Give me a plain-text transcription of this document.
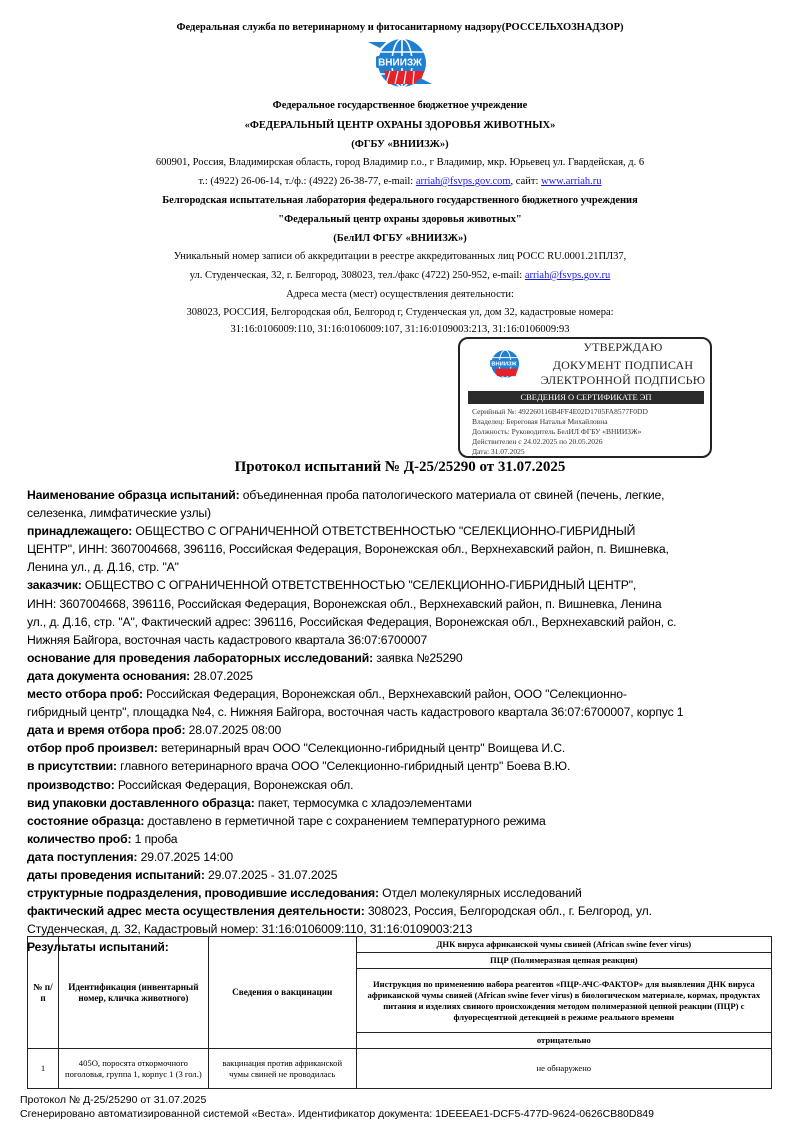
Федеральная служба по ветеринарному и фитосанитарному надзору(РОССЕЛЬХОЗНАДЗОР)
ВНИИЗЖ
Федеральное государственное бюджетное учреждение
«ФЕДЕРАЛЬНЫЙ ЦЕНТР ОХРАНЫ ЗДОРОВЬЯ ЖИВОТНЫХ»
(ФГБУ «ВНИИЗЖ»)
600901, Россия, Владимирская область, город Владимир г.о., г Владимир, мкр. Юрьевец ул. Гвардейская, д. 6
т.: (4922) 26-06-14, т./ф.: (4922) 26-38-77, e-mail: arriah@fsvps.gov.com, сайт: www.arriah.ru
Белгородская испытательная лаборатория федерального государственного бюджетного учреждения
"Федеральный центр охраны здоровья животных"
(БелИЛ ФГБУ «ВНИИЗЖ»)
Уникальный номер записи об аккредитации в реестре аккредитованных лиц РОСС RU.0001.21ПЛ37,
ул. Студенческая, 32, г. Белгород, 308023, тел./факс (4722) 250-952, e-mail: arriah@fsvps.gov.ru
Адреса места (мест) осуществления деятельности:
308023, РОССИЯ, Белгородская обл, Белгород г, Студенческая ул, дом 32, кадастровые номера:
31:16:0106009:110, 31:16:0106009:107, 31:16:0109003:213, 31:16:0106009:93
ВНИИЗЖ
УТВЕРЖДАЮ
ДОКУМЕНТ ПОДПИСАН
ЭЛЕКТРОННОЙ ПОДПИСЬЮ
СВЕДЕНИЯ О СЕРТИФИКАТЕ ЭП
Серийный №: 492260116B4FF4E02D1705FA8577F0DD
Владелец: Береговая Наталья Михайловна
Должность: Руководитель БелИЛ ФГБУ «ВНИИЗЖ»
Действителен с 24.02.2025 по 20.05.2026
Дата: 31.07.2025
Протокол испытаний № Д-25/25290 от 31.07.2025
Наименование образца испытаний: объединенная проба патологического материала от свиней (печень, легкие,
селезенка, лимфатические узлы)
принадлежащего: ОБЩЕСТВО С ОГРАНИЧЕННОЙ ОТВЕТСТВЕННОСТЬЮ "СЕЛЕКЦИОННО-ГИБРИДНЫЙ
ЦЕНТР", ИНН: 3607004668, 396116, Российская Федерация, Воронежская обл., Верхнехавский район, п. Вишневка,
Ленина ул., д. Д.16, стр. "А"
заказчик: ОБЩЕСТВО С ОГРАНИЧЕННОЙ ОТВЕТСТВЕННОСТЬЮ "СЕЛЕКЦИОННО-ГИБРИДНЫЙ ЦЕНТР",
ИНН: 3607004668, 396116, Российская Федерация, Воронежская обл., Верхнехавский район, п. Вишневка, Ленина
ул., д. Д.16, стр. "А", Фактический адрес: 396116, Российская Федерация, Воронежская обл., Верхнехавский район, с.
Нижняя Байгора, восточная часть кадастрового квартала 36:07:6700007
основание для проведения лабораторных исследований: заявка №25290
дата документа основания: 28.07.2025
место отбора проб: Российская Федерация, Воронежская обл., Верхнехавский район, ООО "Селекционно-
гибридный центр", площадка №4, с. Нижняя Байгора, восточная часть кадастрового квартала 36:07:6700007, корпус 1
дата и время отбора проб: 28.07.2025 08:00
отбор проб произвел: ветеринарный врач ООО "Селекционно-гибридный центр" Воищева И.С.
в присутствии: главного ветеринарного врача ООО "Селекционно-гибридный центр" Боева В.Ю.
производство: Российская Федерация, Воронежская обл.
вид упаковки доставленного образца: пакет, термосумка с хладоэлементами
состояние образца: доставлено в герметичной таре с сохранением температурного режима
количество проб: 1 проба
дата поступления: 29.07.2025 14:00
даты проведения испытаний: 29.07.2025 - 31.07.2025
структурные подразделения, проводившие исследования: Отдел молекулярных исследований
фактический адрес места осуществления деятельности: 308023, Россия, Белгородская обл., г. Белгород, ул.
Студенческая, д. 32, Кадастровый номер: 31:16:0106009:110, 31:16:0109003:213
Результаты испытаний:
№ п/п	Идентификация (инвентарный номер, кличка животного)	Сведения о вакцинации	ДНК вируса африканской чумы свиней (African swine fever virus)
			ПЦР (Полимеразная цепная реакция)
			Инструкция по применению набора реагентов «ПЦР-АЧС-ФАКТОР» для выявления ДНК вируса африканской чумы свиней (African swine fever virus) в биологическом материале, кормах, продуктах питания и изделиях свиного происхождения методом полимеразной цепной реакции (ПЦР) с флуоресцентной детекцией в режиме реального времени
			отрицательно
1	405О, поросята откормочного поголовья, группа 1, корпус 1 (3 гол.)	вакцинация против африканской чумы свиней не проводилась	не обнаружено
Протокол № Д-25/25290 от 31.07.2025
Сгенерировано автоматизированной системой «Веста». Идентификатор документа: 1DEEEAE1-DCF5-477D-9624-0626CB80D849
